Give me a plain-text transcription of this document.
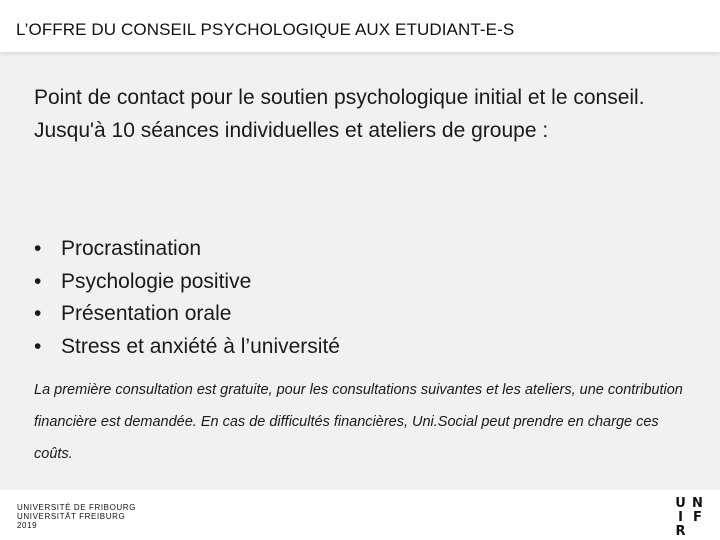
L’OFFRE DU CONSEIL PSYCHOLOGIQUE AUX ETUDIANT-E-S
Point de contact pour le soutien psychologique initial et le conseil. Jusqu'à 10 séances individuelles et ateliers de groupe :
• Procrastination
• Psychologie positive
• Présentation orale
• Stress et anxiété à l’université
La première consultation est gratuite, pour les consultations suivantes et les ateliers, une contribution financière est demandée. En cas de difficultés financières, Uni.Social peut prendre en charge ces coûts.
UNIVERSITÉ DE FRIBOURG
UNIVERSITÄT FREIBURG
2019
U N
I F
R
